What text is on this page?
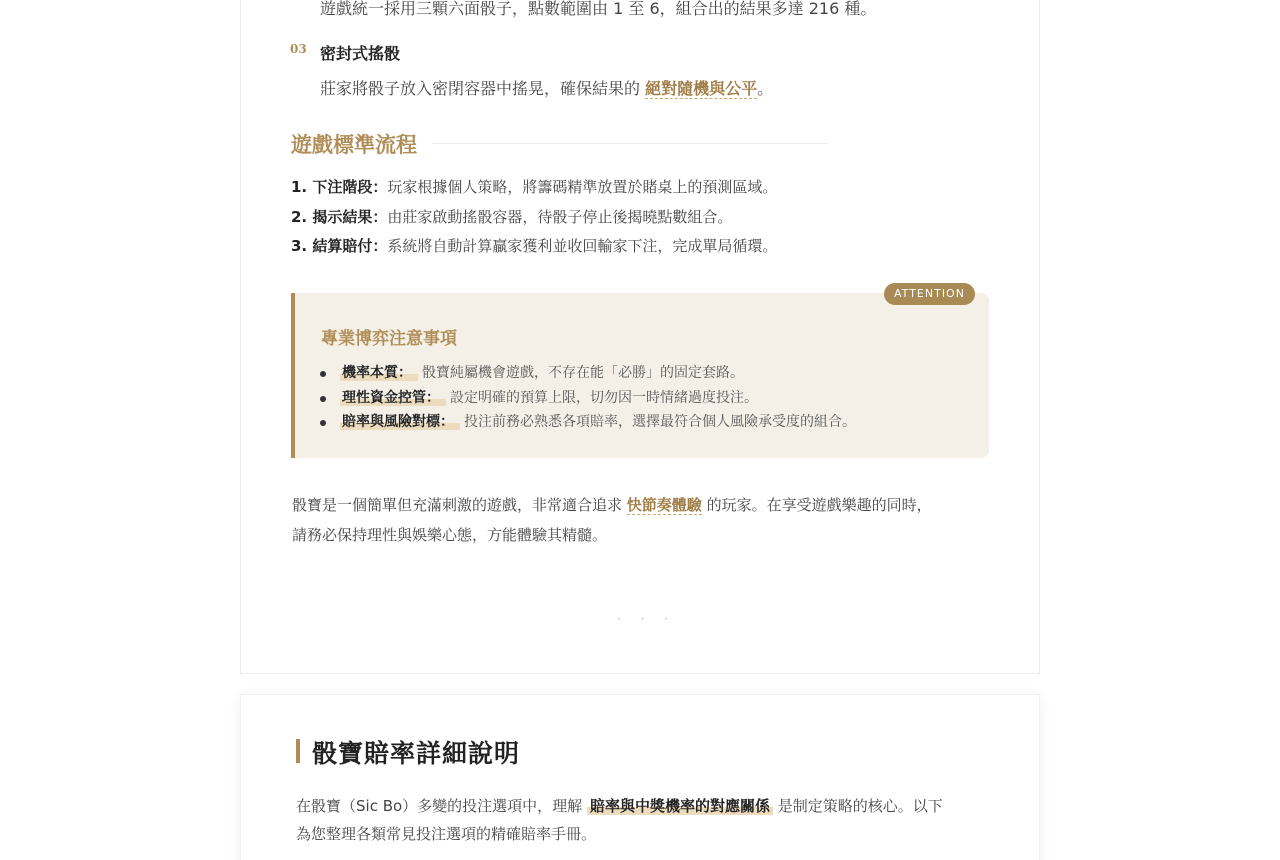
遊戲統一採用三顆六面骰子，點數範圍由 1 至 6，組合出的結果多達 216 種。
03 密封式搖骰
莊家將骰子放入密閉容器中搖晃，確保結果的 絕對隨機與公平。
遊戲標準流程
1. 下注階段：玩家根據個人策略，將籌碼精準放置於賭桌上的預測區域。
2. 揭示結果：由莊家啟動搖骰容器，待骰子停止後揭曉點數組合。
3. 結算賠付：系統將自動計算贏家獲利並收回輸家下注，完成單局循環。
ATTENTION
專業博弈注意事項
機率本質： 骰寶純屬機會遊戲，不存在能「必勝」的固定套路。
理性資金控管： 設定明確的預算上限，切勿因一時情緒過度投注。
賠率與風險對標： 投注前務必熟悉各項賠率，選擇最符合個人風險承受度的組合。
骰寶是一個簡單但充滿刺激的遊戲，非常適合追求 快節奏體驗 的玩家。在享受遊戲樂趣的同時，
請務必保持理性與娛樂心態，方能體驗其精髓。
· · ·
骰寶賠率詳細說明
在骰寶（Sic Bo）多變的投注選項中，理解 賠率與中獎機率的對應關係 是制定策略的核心。以下
為您整理各類常見投注選項的精確賠率手冊。
